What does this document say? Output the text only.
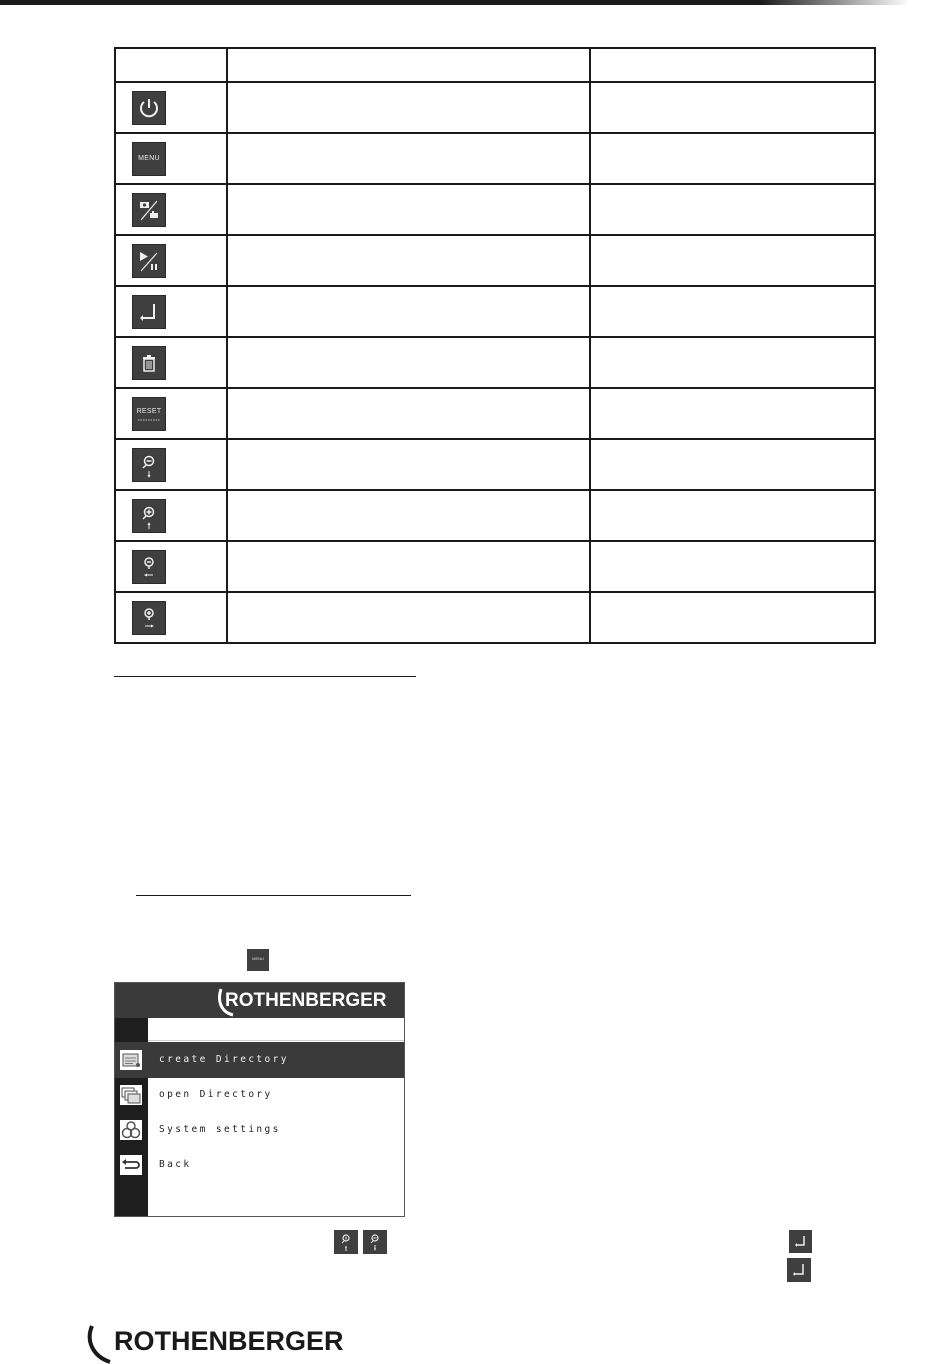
MENU		

RESET		

MENU
ROTHENBERGER
create Directory
open Directory
System settings
Back
ROTHENBERGER
